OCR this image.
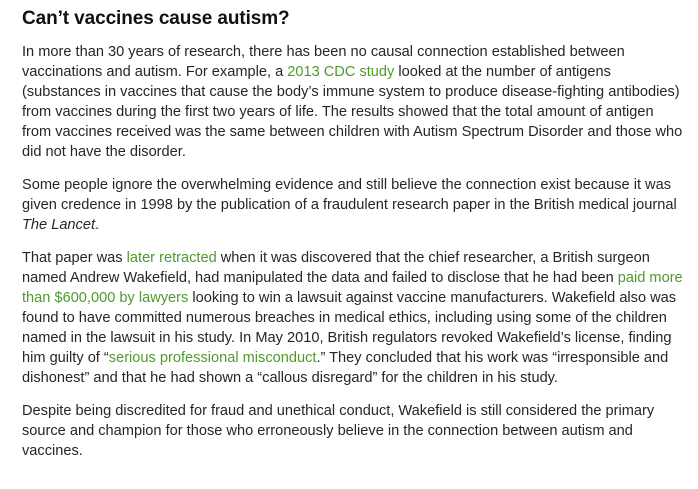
Can’t vaccines cause autism?

In more than 30 years of research, there has been no causal connection established between vaccinations and autism. For example, a 2013 CDC study looked at the number of antigens (substances in vaccines that cause the body’s immune system to produce disease-fighting antibodies) from vaccines during the first two years of life. The results showed that the total amount of antigen from vaccines received was the same between children with Autism Spectrum Disorder and those who did not have the disorder.

Some people ignore the overwhelming evidence and still believe the connection exist because it was given credence in 1998 by the publication of a fraudulent research paper in the British medical journal The Lancet.

That paper was later retracted when it was discovered that the chief researcher, a British surgeon named Andrew Wakefield, had manipulated the data and failed to disclose that he had been paid more than $600,000 by lawyers looking to win a lawsuit against vaccine manufacturers. Wakefield also was found to have committed numerous breaches in medical ethics, including using some of the children named in the lawsuit in his study. In May 2010, British regulators revoked Wakefield’s license, finding him guilty of “serious professional misconduct.” They concluded that his work was “irresponsible and dishonest” and that he had shown a “callous disregard” for the children in his study.

Despite being discredited for fraud and unethical conduct, Wakefield is still considered the primary source and champion for those who erroneously believe in the connection between autism and vaccines.
